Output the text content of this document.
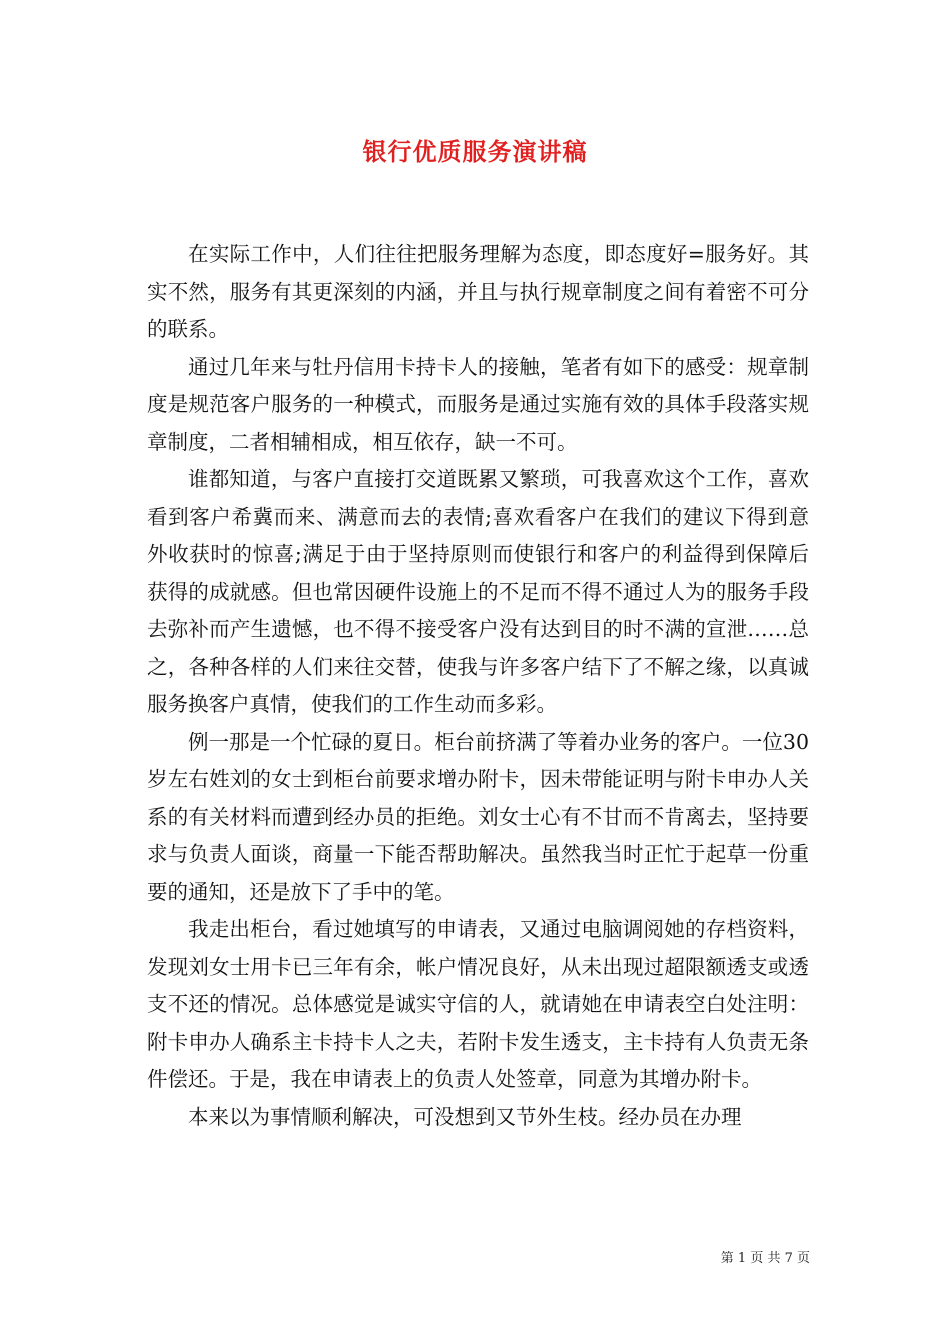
银行优质服务演讲稿

在实际工作中，人们往往把服务理解为态度，即态度好=服务好。其实不然，服务有其更深刻的内涵，并且与执行规章制度之间有着密不可分的联系。

通过几年来与牡丹信用卡持卡人的接触，笔者有如下的感受：规章制度是规范客户服务的一种模式，而服务是通过实施有效的具体手段落实规章制度，二者相辅相成，相互依存，缺一不可。

谁都知道，与客户直接打交道既累又繁琐，可我喜欢这个工作，喜欢看到客户希冀而来、满意而去的表情;喜欢看客户在我们的建议下得到意外收获时的惊喜;满足于由于坚持原则而使银行和客户的利益得到保障后获得的成就感。但也常因硬件设施上的不足而不得不通过人为的服务手段去弥补而产生遗憾，也不得不接受客户没有达到目的时不满的宣泄……总之，各种各样的人们来往交替，使我与许多客户结下了不解之缘，以真诚服务换客户真情，使我们的工作生动而多彩。

例一那是一个忙碌的夏日。柜台前挤满了等着办业务的客户。一位30岁左右姓刘的女士到柜台前要求增办附卡，因未带能证明与附卡申办人关系的有关材料而遭到经办员的拒绝。刘女士心有不甘而不肯离去，坚持要求与负责人面谈，商量一下能否帮助解决。虽然我当时正忙于起草一份重要的通知，还是放下了手中的笔。

我走出柜台，看过她填写的申请表，又通过电脑调阅她的存档资料，发现刘女士用卡已三年有余，帐户情况良好，从未出现过超限额透支或透支不还的情况。总体感觉是诚实守信的人，就请她在申请表空白处注明：附卡申办人确系主卡持卡人之夫，若附卡发生透支，主卡持有人负责无条件偿还。于是，我在申请表上的负责人处签章，同意为其增办附卡。

本来以为事情顺利解决，可没想到又节外生枝。经办员在办理

第 1 页 共 7 页
